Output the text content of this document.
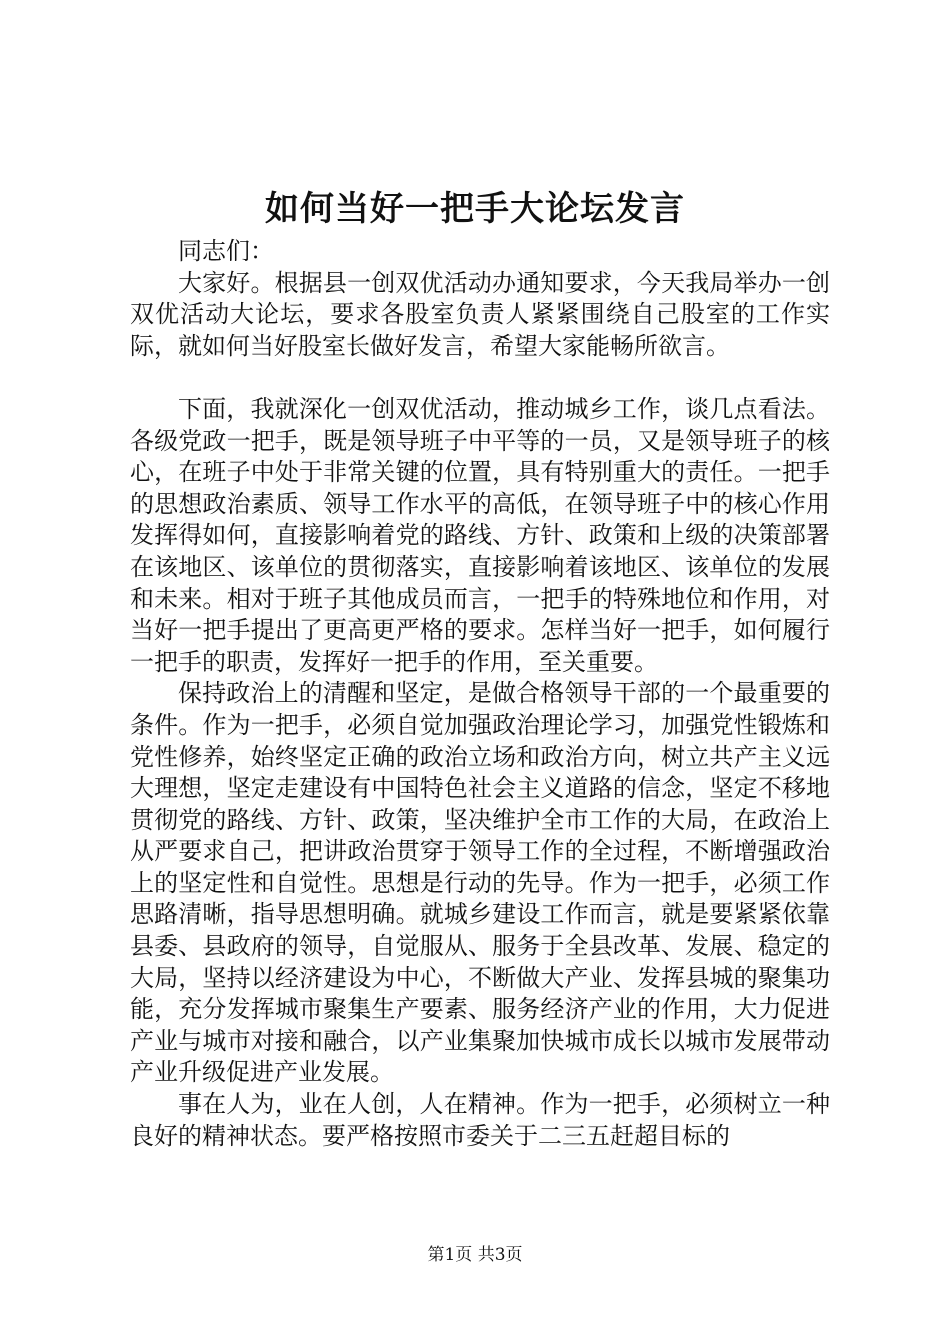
如何当好一把手大论坛发言

同志们：

大家好。根据县一创双优活动办通知要求，今天我局举办一创双优活动大论坛，要求各股室负责人紧紧围绕自己股室的工作实际，就如何当好股室长做好发言，希望大家能畅所欲言。

下面，我就深化一创双优活动，推动城乡工作，谈几点看法。各级党政一把手，既是领导班子中平等的一员，又是领导班子的核心，在班子中处于非常关键的位置，具有特别重大的责任。一把手的思想政治素质、领导工作水平的高低，在领导班子中的核心作用发挥得如何，直接影响着党的路线、方针、政策和上级的决策部署在该地区、该单位的贯彻落实，直接影响着该地区、该单位的发展和未来。相对于班子其他成员而言，一把手的特殊地位和作用，对当好一把手提出了更高更严格的要求。怎样当好一把手，如何履行一把手的职责，发挥好一把手的作用，至关重要。

保持政治上的清醒和坚定，是做合格领导干部的一个最重要的条件。作为一把手，必须自觉加强政治理论学习，加强党性锻炼和党性修养，始终坚定正确的政治立场和政治方向，树立共产主义远大理想，坚定走建设有中国特色社会主义道路的信念，坚定不移地贯彻党的路线、方针、政策，坚决维护全市工作的大局，在政治上从严要求自己，把讲政治贯穿于领导工作的全过程，不断增强政治上的坚定性和自觉性。思想是行动的先导。作为一把手，必须工作思路清晰，指导思想明确。就城乡建设工作而言，就是要紧紧依靠县委、县政府的领导，自觉服从、服务于全县改革、发展、稳定的大局，坚持以经济建设为中心，不断做大产业、发挥县城的聚集功能，充分发挥城市聚集生产要素、服务经济产业的作用，大力促进产业与城市对接和融合，以产业集聚加快城市成长以城市发展带动产业升级促进产业发展。

事在人为，业在人创，人在精神。作为一把手，必须树立一种良好的精神状态。要严格按照市委关于二三五赶超目标的

第1页 共3页
